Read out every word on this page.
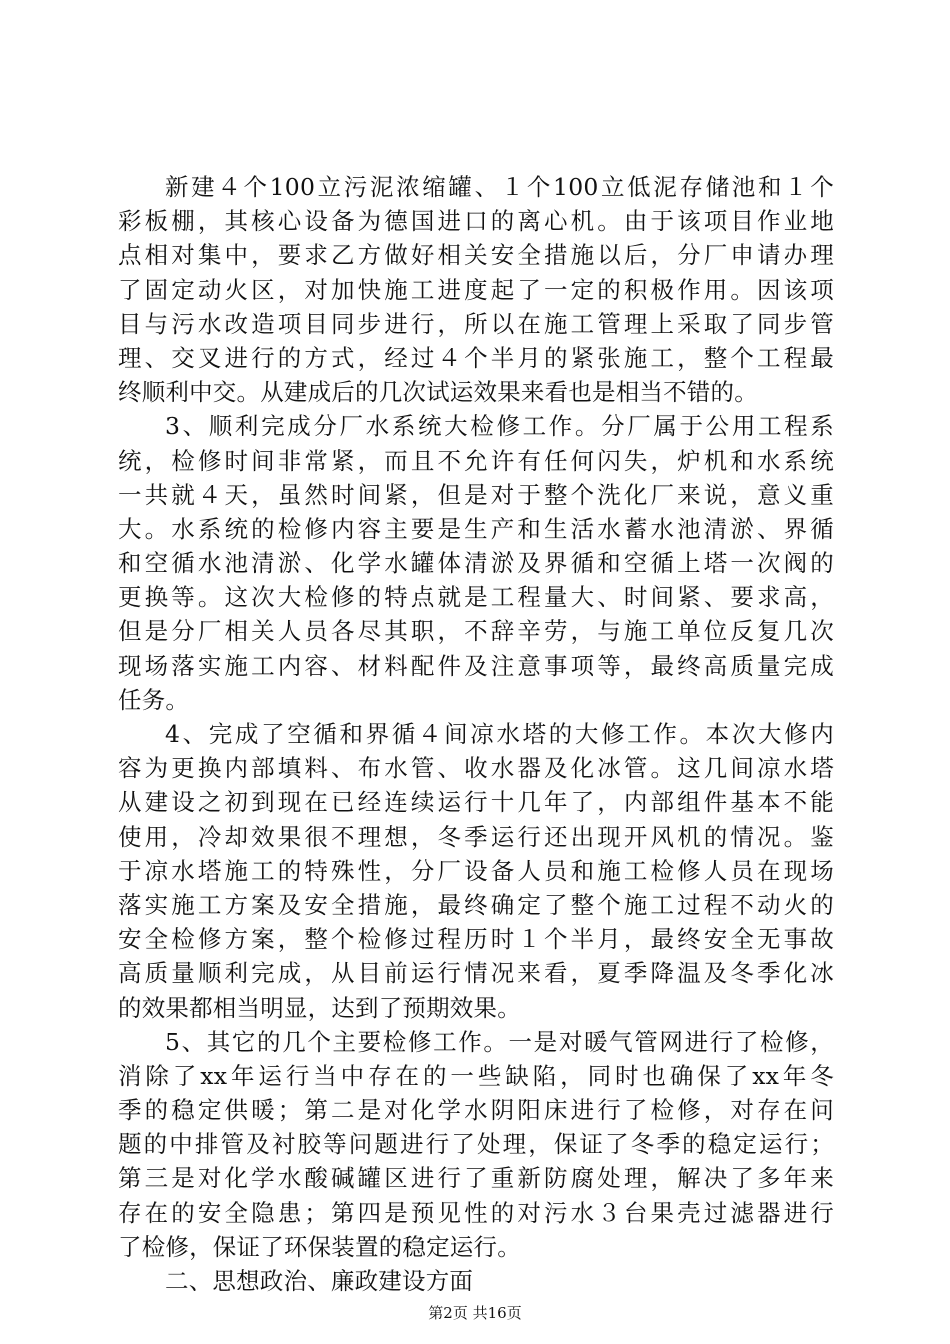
新建４个100立污泥浓缩罐、１个100立低泥存储池和１个
彩板棚，其核心设备为德国进口的离心机。由于该项目作业地
点相对集中，要求乙方做好相关安全措施以后，分厂申请办理
了固定动火区，对加快施工进度起了一定的积极作用。因该项
目与污水改造项目同步进行，所以在施工管理上采取了同步管
理、交叉进行的方式，经过４个半月的紧张施工，整个工程最
终顺利中交。从建成后的几次试运效果来看也是相当不错的。
3、顺利完成分厂水系统大检修工作。分厂属于公用工程系
统，检修时间非常紧，而且不允许有任何闪失，炉机和水系统
一共就４天，虽然时间紧，但是对于整个洗化厂来说，意义重
大。水系统的检修内容主要是生产和生活水蓄水池清淤、界循
和空循水池清淤、化学水罐体清淤及界循和空循上塔一次阀的
更换等。这次大检修的特点就是工程量大、时间紧、要求高，
但是分厂相关人员各尽其职，不辞辛劳，与施工单位反复几次
现场落实施工内容、材料配件及注意事项等，最终高质量完成
任务。
4、完成了空循和界循４间凉水塔的大修工作。本次大修内
容为更换内部填料、布水管、收水器及化冰管。这几间凉水塔
从建设之初到现在已经连续运行十几年了，内部组件基本不能
使用，冷却效果很不理想，冬季运行还出现开风机的情况。鉴
于凉水塔施工的特殊性，分厂设备人员和施工检修人员在现场
落实施工方案及安全措施，最终确定了整个施工过程不动火的
安全检修方案，整个检修过程历时１个半月，最终安全无事故
高质量顺利完成，从目前运行情况来看，夏季降温及冬季化冰
的效果都相当明显，达到了预期效果。
5、其它的几个主要检修工作。一是对暖气管网进行了检修，
消除了xx年运行当中存在的一些缺陷，同时也确保了xx年冬
季的稳定供暖；第二是对化学水阴阳床进行了检修，对存在问
题的中排管及衬胶等问题进行了处理，保证了冬季的稳定运行；
第三是对化学水酸碱罐区进行了重新防腐处理，解决了多年来
存在的安全隐患；第四是预见性的对污水３台果壳过滤器进行
了检修，保证了环保装置的稳定运行。
二、思想政治、廉政建设方面
第2页 共16页
